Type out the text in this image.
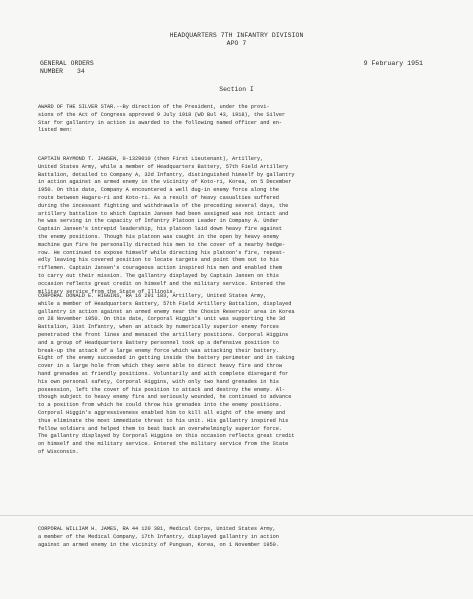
HEADQUARTERS 7TH INFANTRY DIVISION
APO 7
GENERAL ORDERS
NUMBER 34
9 February 1951
Section I
AWARD OF THE SILVER STAR.--By direction of the President, under the provi-
sions of the Act of Congress approved 9 July 1918 (WD Bul 43, 1918), the Silver
Star for gallantry in action is awarded to the following named officer and en-
listed men:
CAPTAIN RAYMOND T. JANSEN, 0-1329010 (then First Lieutenant), Artillery,
United States Army, while a member of Headquarters Battery, 57th Field Artillery
Battalion, detailed to Company A, 32d Infantry, distinguished himself by gallantry
in action against an armed enemy in the vicinity of Koto-ri, Korea, on 5 December
1950. On this date, Company A encountered a well dug-in enemy force along the
route between Hagaru-ri and Koto-ri. As a result of heavy casualties suffered
during the incessant fighting and withdrawals of the preceding several days, the
artillery battalion to which Captain Jansen had been assigned was not intact and
he was serving in the capacity of Infantry Platoon Leader in Company A. Under
Captain Jansen's intrepid leadership, his platoon laid down heavy fire against
the enemy positions. Though his platoon was caught in the open by heavy enemy
machine gun fire he personally directed his men to the cover of a nearby hedge-
row. He continued to expose himself while directing his platoon's fire, repeat-
edly leaving his covered position to locate targets and point them out to his
riflemen. Captain Jansen's courageous action inspired his men and enabled them
to carry out their mission. The gallantry displayed by Captain Jansen on this
occasion reflects great credit on himself and the military service. Entered the
military service from the State of Illinois.
CORPORAL DONALD E. HIGGINS, RA 16 291 183, Artillery, United States Army,
while a member of Headquarters Battery, 57th Field Artillery Battalion, displayed
gallantry in action against an armed enemy near the Chosin Reservoir area in Korea
on 28 November 1950. On this date, Corporal Higgin's unit was supporting the 3d
Battalion, 31st Infantry, when an attack by numerically superior enemy forces
penetrated the front lines and menaced the artillery positions. Corporal Higgins
and a group of Headquarters Battery personnel took up a defensive position to
break-up the attack of a large enemy force which was attacking their battery.
Eight of the enemy succeeded in getting inside the battery perimeter and in taking
cover in a large hole from which they were able to direct heavy fire and throw
hand grenades at friendly positions. Voluntarily and with complete disregard for
his own personal safety, Corporal Higgins, with only two hand grenades in his
possession, left the cover of his position to attack and destroy the enemy. Al-
though subject to heavy enemy fire and seriously wounded, he continued to advance
to a position from which he could throw his grenades into the enemy positions.
Corporal Higgin's aggressiveness enabled him to kill all eight of the enemy and
thus eliminate the most immediate threat to his unit. His gallantry inspired his
fellow soldiers and helped them to beat back an overwhelmingly superior force.
The gallantry displayed by Corporal Higgins on this occasion reflects great credit
on himself and the military service. Entered the military service from the State
of Wisconsin.
CORPORAL WILLIAM H. JAMES, RA 44 120 381, Medical Corps, United States Army,
a member of the Medical Company, 17th Infantry, displayed gallantry in action
against an armed enemy in the vicinity of Pungsan, Korea, on 1 November 1950.
